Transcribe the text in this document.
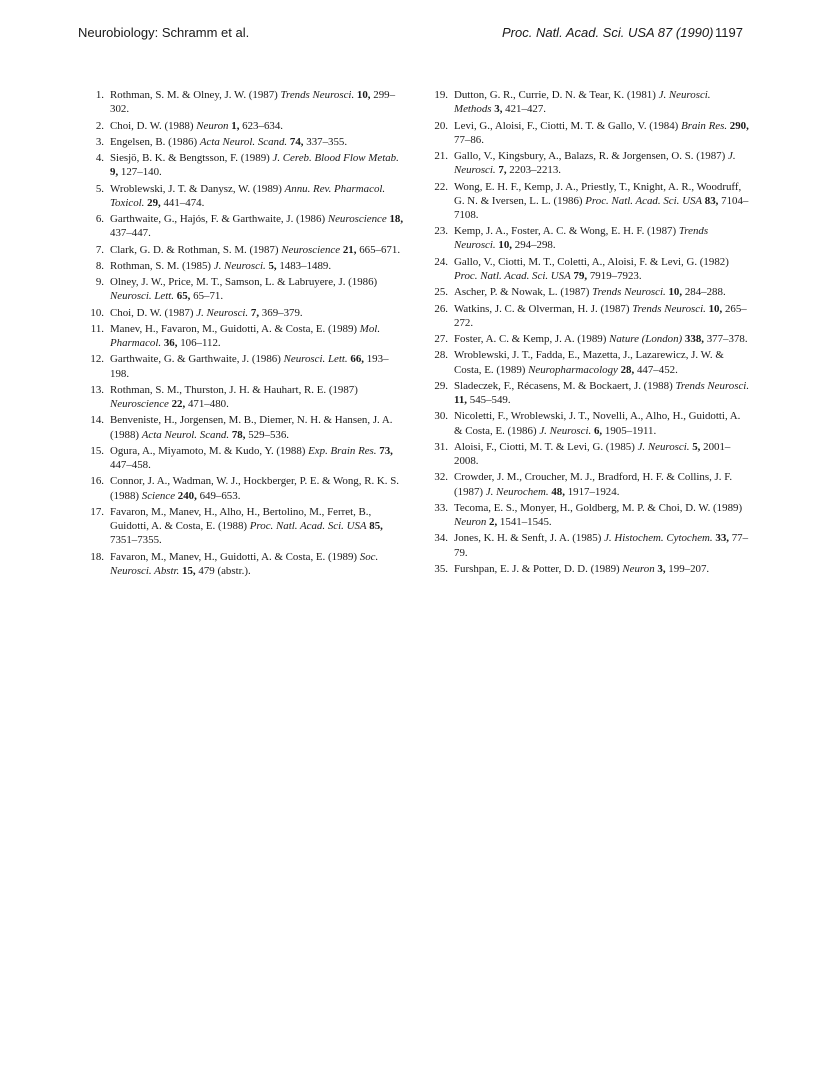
Neurobiology: Schramm et al.	Proc. Natl. Acad. Sci. USA 87 (1990) 1197
1. Rothman, S. M. & Olney, J. W. (1987) Trends Neurosci. 10, 299–302.
2. Choi, D. W. (1988) Neuron 1, 623–634.
3. Engelsen, B. (1986) Acta Neurol. Scand. 74, 337–355.
4. Siesjö, B. K. & Bengtsson, F. (1989) J. Cereb. Blood Flow Metab. 9, 127–140.
5. Wroblewski, J. T. & Danysz, W. (1989) Annu. Rev. Pharmacol. Toxicol. 29, 441–474.
6. Garthwaite, G., Hajós, F. & Garthwaite, J. (1986) Neuroscience 18, 437–447.
7. Clark, G. D. & Rothman, S. M. (1987) Neuroscience 21, 665–671.
8. Rothman, S. M. (1985) J. Neurosci. 5, 1483–1489.
9. Olney, J. W., Price, M. T., Samson, L. & Labruyere, J. (1986) Neurosci. Lett. 65, 65–71.
10. Choi, D. W. (1987) J. Neurosci. 7, 369–379.
11. Manev, H., Favaron, M., Guidotti, A. & Costa, E. (1989) Mol. Pharmacol. 36, 106–112.
12. Garthwaite, G. & Garthwaite, J. (1986) Neurosci. Lett. 66, 193–198.
13. Rothman, S. M., Thurston, J. H. & Hauhart, R. E. (1987) Neuroscience 22, 471–480.
14. Benveniste, H., Jorgensen, M. B., Diemer, N. H. & Hansen, J. A. (1988) Acta Neurol. Scand. 78, 529–536.
15. Ogura, A., Miyamoto, M. & Kudo, Y. (1988) Exp. Brain Res. 73, 447–458.
16. Connor, J. A., Wadman, W. J., Hockberger, P. E. & Wong, R. K. S. (1988) Science 240, 649–653.
17. Favaron, M., Manev, H., Alho, H., Bertolino, M., Ferret, B., Guidotti, A. & Costa, E. (1988) Proc. Natl. Acad. Sci. USA 85, 7351–7355.
18. Favaron, M., Manev, H., Guidotti, A. & Costa, E. (1989) Soc. Neurosci. Abstr. 15, 479 (abstr.).
19. Dutton, G. R., Currie, D. N. & Tear, K. (1981) J. Neurosci. Methods 3, 421–427.
20. Levi, G., Aloisi, F., Ciotti, M. T. & Gallo, V. (1984) Brain Res. 290, 77–86.
21. Gallo, V., Kingsbury, A., Balazs, R. & Jorgensen, O. S. (1987) J. Neurosci. 7, 2203–2213.
22. Wong, E. H. F., Kemp, J. A., Priestly, T., Knight, A. R., Woodruff, G. N. & Iversen, L. L. (1986) Proc. Natl. Acad. Sci. USA 83, 7104–7108.
23. Kemp, J. A., Foster, A. C. & Wong, E. H. F. (1987) Trends Neurosci. 10, 294–298.
24. Gallo, V., Ciotti, M. T., Coletti, A., Aloisi, F. & Levi, G. (1982) Proc. Natl. Acad. Sci. USA 79, 7919–7923.
25. Ascher, P. & Nowak, L. (1987) Trends Neurosci. 10, 284–288.
26. Watkins, J. C. & Olverman, H. J. (1987) Trends Neurosci. 10, 265–272.
27. Foster, A. C. & Kemp, J. A. (1989) Nature (London) 338, 377–378.
28. Wroblewski, J. T., Fadda, E., Mazetta, J., Lazarewicz, J. W. & Costa, E. (1989) Neuropharmacology 28, 447–452.
29. Sladeczek, F., Récasens, M. & Bockaert, J. (1988) Trends Neurosci. 11, 545–549.
30. Nicoletti, F., Wroblewski, J. T., Novelli, A., Alho, H., Guidotti, A. & Costa, E. (1986) J. Neurosci. 6, 1905–1911.
31. Aloisi, F., Ciotti, M. T. & Levi, G. (1985) J. Neurosci. 5, 2001–2008.
32. Crowder, J. M., Croucher, M. J., Bradford, H. F. & Collins, J. F. (1987) J. Neurochem. 48, 1917–1924.
33. Tecoma, E. S., Monyer, H., Goldberg, M. P. & Choi, D. W. (1989) Neuron 2, 1541–1545.
34. Jones, K. H. & Senft, J. A. (1985) J. Histochem. Cytochem. 33, 77–79.
35. Furshpan, E. J. & Potter, D. D. (1989) Neuron 3, 199–207.
